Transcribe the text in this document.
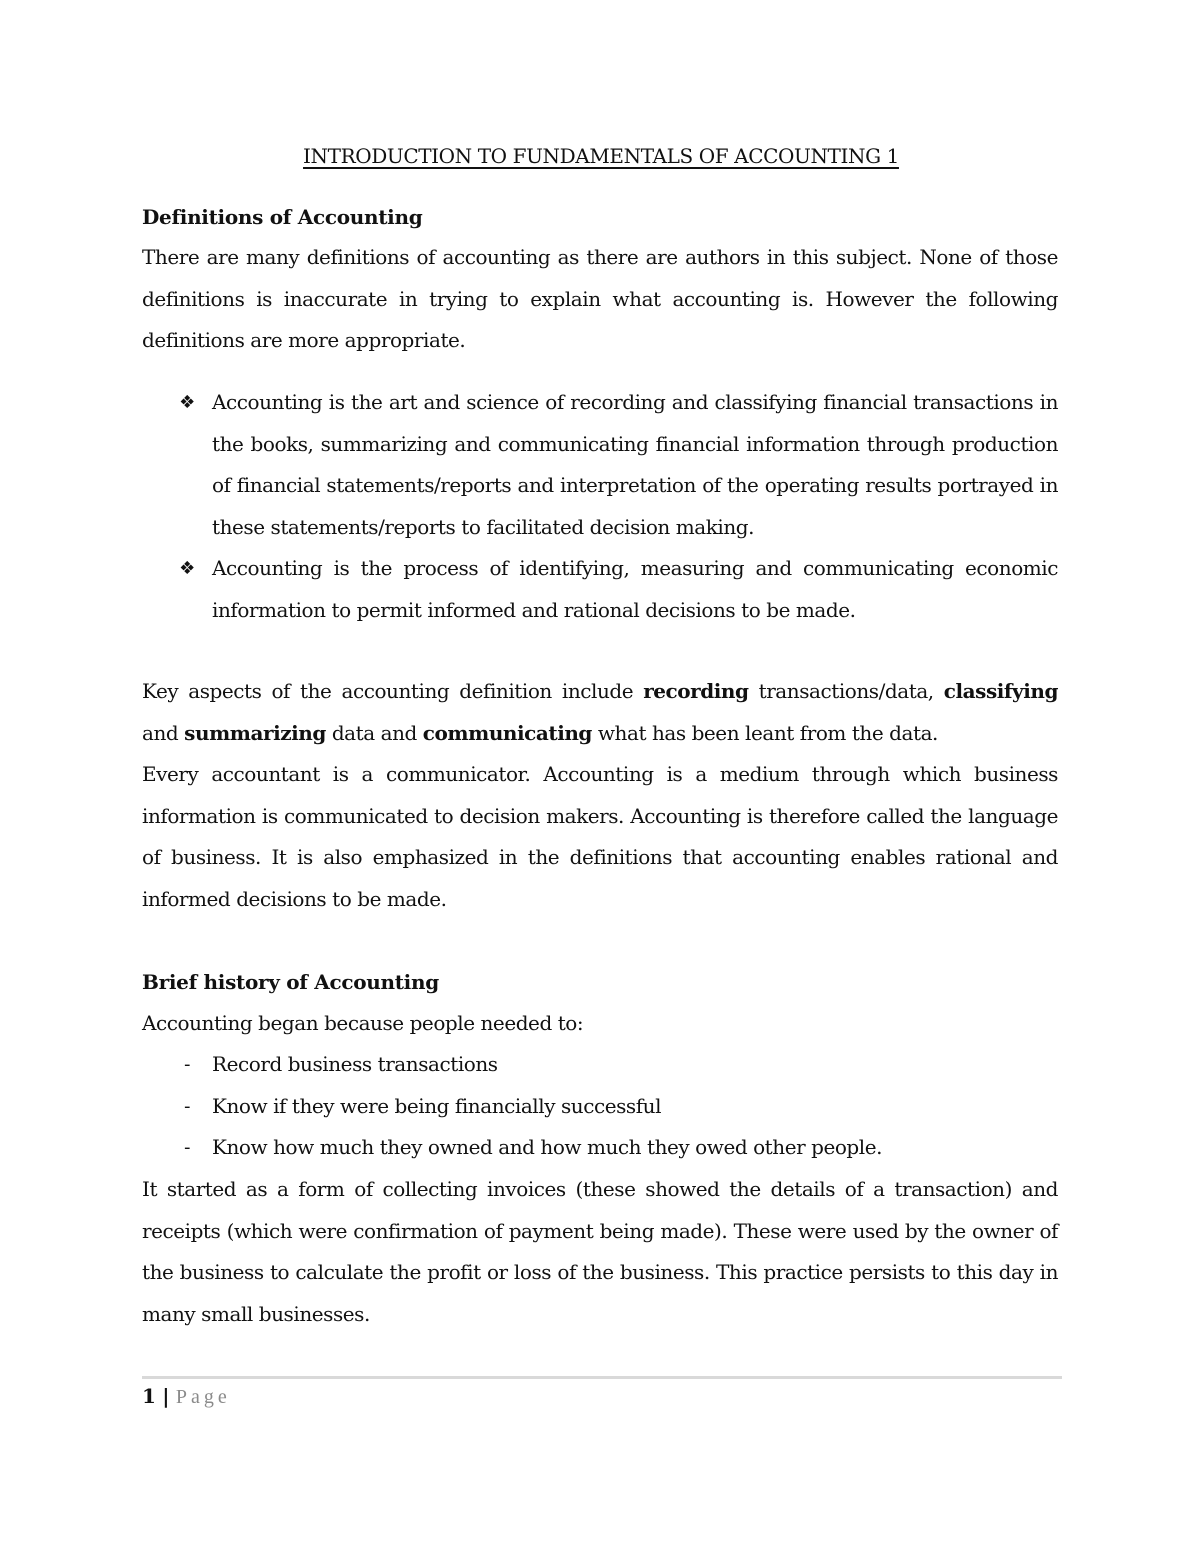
INTRODUCTION TO FUNDAMENTALS OF ACCOUNTING 1
Definitions of Accounting

There are many definitions of accounting as there are authors in this subject. None of those definitions is inaccurate in trying to explain what accounting is. However the following definitions are more appropriate.

❖ Accounting is the art and science of recording and classifying financial transactions in the books, summarizing and communicating financial information through production of financial statements/reports and interpretation of the operating results portrayed in these statements/reports to facilitated decision making.
❖ Accounting is the process of identifying, measuring and communicating economic information to permit informed and rational decisions to be made.

Key aspects of the accounting definition include recording transactions/data, classifying and summarizing data and communicating what has been leant from the data.

Every accountant is a communicator. Accounting is a medium through which business information is communicated to decision makers. Accounting is therefore called the language of business. It is also emphasized in the definitions that accounting enables rational and informed decisions to be made.

Brief history of Accounting

Accounting began because people needed to:

-	Record business transactions
-	Know if they were being financially successful
-	Know how much they owned and how much they owed other people.

It started as a form of collecting invoices (these showed the details of a transaction) and receipts (which were confirmation of payment being made). These were used by the owner of the business to calculate the profit or loss of the business. This practice persists to this day in many small businesses.

1 | Page
